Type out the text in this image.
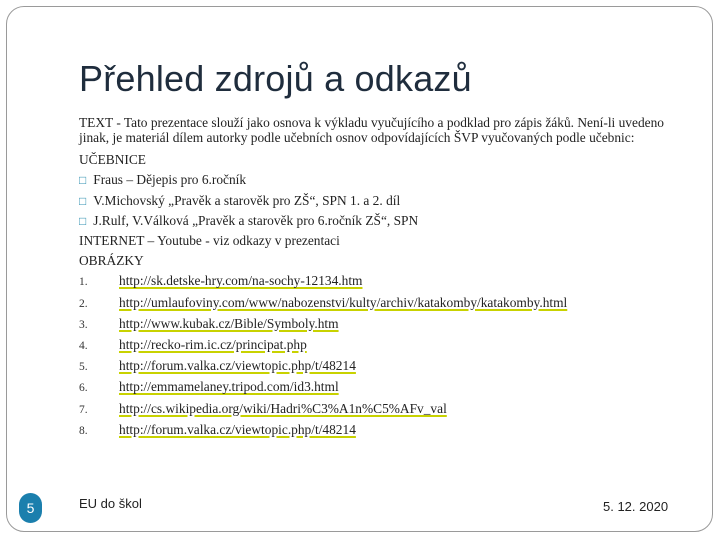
Přehled zdrojů a odkazů
TEXT - Tato prezentace slouží jako osnova k výkladu vyučujícího a podklad pro zápis žáků. Není-li uvedeno jinak, je materiál dílem autorky podle učebních osnov odpovídajících ŠVP vyučovaných podle učebnic:
UČEBNICE
□ Fraus – Dějepis pro 6.ročník
□ V.Michovský „Pravěk a starověk pro ZŠ“, SPN 1. a 2. díl
□ J.Rulf, V.Válková „Pravěk a starověk pro 6.ročník ZŠ“, SPN
INTERNET – Youtube - viz odkazy v prezentaci
OBRÁZKY
1. http://sk.detske-hry.com/na-sochy-12134.htm
2. http://umlaufoviny.com/www/nabozenstvi/kulty/archiv/katakomby/katakomby.html
3. http://www.kubak.cz/Bible/Symboly.htm
4. http://recko-rim.ic.cz/principat.php
5. http://forum.valka.cz/viewtopic.php/t/48214
6. http://emmamelaney.tripod.com/id3.html
7. http://cs.wikipedia.org/wiki/Hadri%C3%A1n%C5%AFv_val
8. http://forum.valka.cz/viewtopic.php/t/48214
5	EU do škol	5. 12. 2020
